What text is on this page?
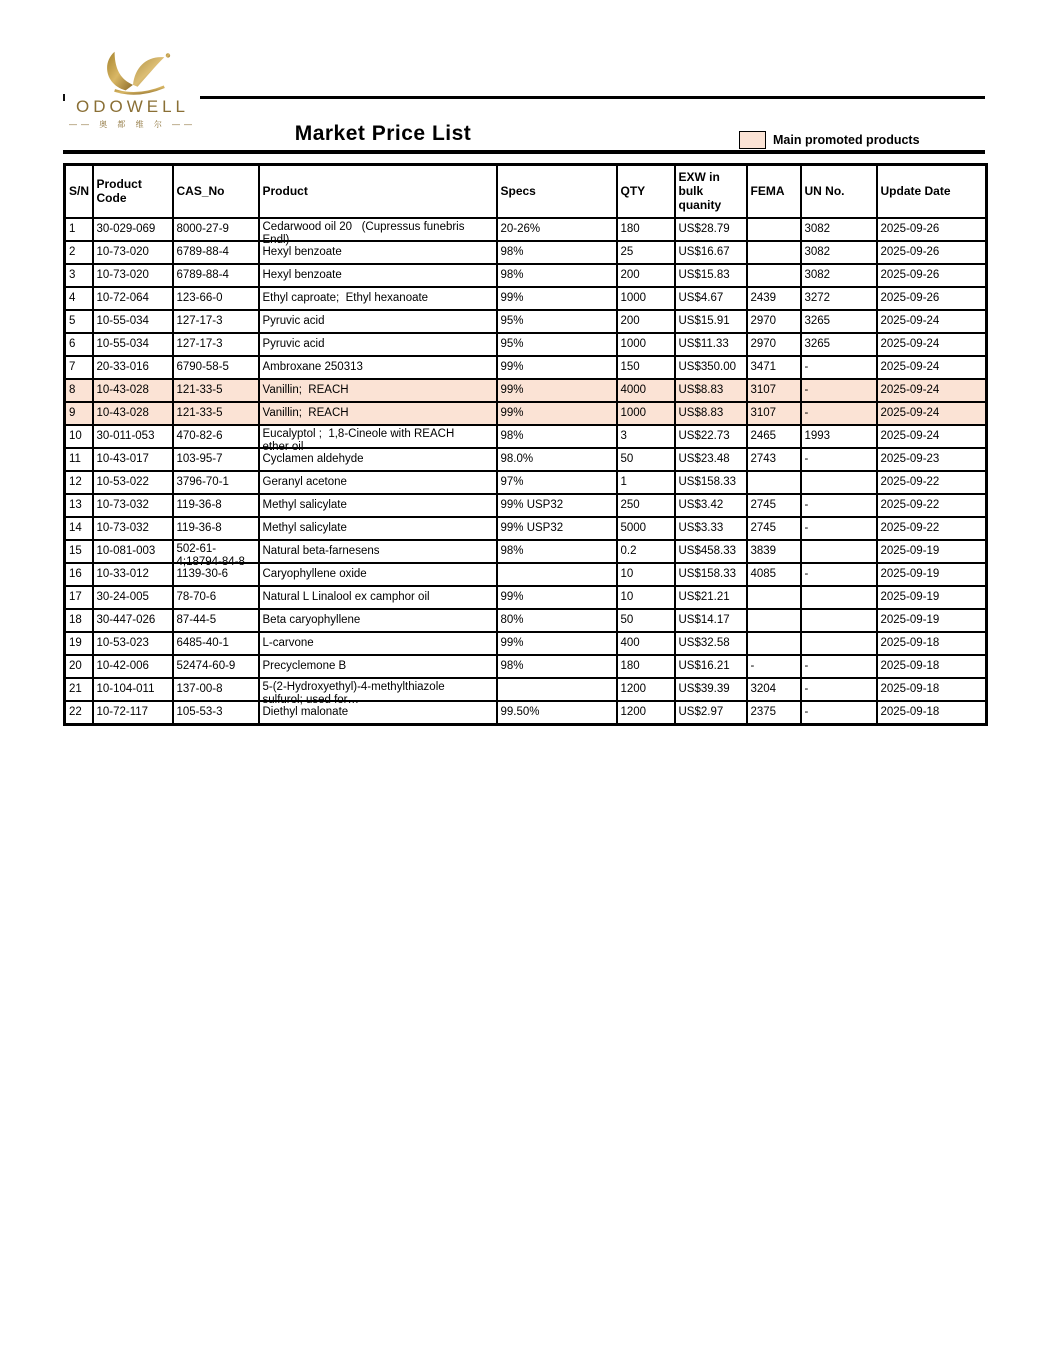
ODOWELL
—— 奥 都 维 尔 ——	Market Price List	Main promoted products
S/N	Product Code	CAS_No	Product	Specs	QTY	EXW in bulk quanity	FEMA	UN No.	Update Date

1	30-029-069	8000-27-9	Cedarwood oil 20   (Cupressus funebris
Endl)	20-26%	180	US$28.79		3082	2025-09-26

2	10-73-020	6789-88-4	Hexyl benzoate	98%	25	US$16.67		3082	2025-09-26

3	10-73-020	6789-88-4	Hexyl benzoate	98%	200	US$15.83		3082	2025-09-26

4	10-72-064	123-66-0	Ethyl caproate;  Ethyl hexanoate	99%	1000	US$4.67	2439	3272	2025-09-26

5	10-55-034	127-17-3	Pyruvic acid	95%	200	US$15.91	2970	3265	2025-09-24

6	10-55-034	127-17-3	Pyruvic acid	95%	1000	US$11.33	2970	3265	2025-09-24

7	20-33-016	6790-58-5	Ambroxane 250313	99%	150	US$350.00	3471	-	2025-09-24

8	10-43-028	121-33-5	Vanillin;  REACH	99%	4000	US$8.83	3107	-	2025-09-24

9	10-43-028	121-33-5	Vanillin;  REACH	99%	1000	US$8.83	3107	-	2025-09-24

10	30-011-053	470-82-6	Eucalyptol ;  1,8-Cineole with REACH
ether oil	98%	3	US$22.73	2465	1993	2025-09-24

11	10-43-017	103-95-7	Cyclamen aldehyde	98.0%	50	US$23.48	2743	-	2025-09-23

12	10-53-022	3796-70-1	Geranyl acetone	97%	1	US$158.33			2025-09-22

13	10-73-032	119-36-8	Methyl salicylate	99% USP32	250	US$3.42	2745	-	2025-09-22

14	10-73-032	119-36-8	Methyl salicylate	99% USP32	5000	US$3.33	2745	-	2025-09-22

15	10-081-003	502-61-
4;18794-84-8	Natural beta-farnesens	98%	0.2	US$458.33	3839		2025-09-19

16	10-33-012	1139-30-6	Caryophyllene oxide		10	US$158.33	4085	-	2025-09-19

17	30-24-005	78-70-6	Natural L Linalool ex camphor oil	99%	10	US$21.21			2025-09-19

18	30-447-026	87-44-5	Beta caryophyllene	80%	50	US$14.17			2025-09-19

19	10-53-023	6485-40-1	L-carvone	99%	400	US$32.58			2025-09-18

20	10-42-006	52474-60-9	Precyclemone B	98%	180	US$16.21	-	-	2025-09-18

21	10-104-011	137-00-8	5-(2-Hydroxyethyl)-4-methylthiazole
sulfurol; used for…		1200	US$39.39	3204	-	2025-09-18

22	10-72-117	105-53-3	Diethyl malonate	99.50%	1200	US$2.97	2375	-	2025-09-18
